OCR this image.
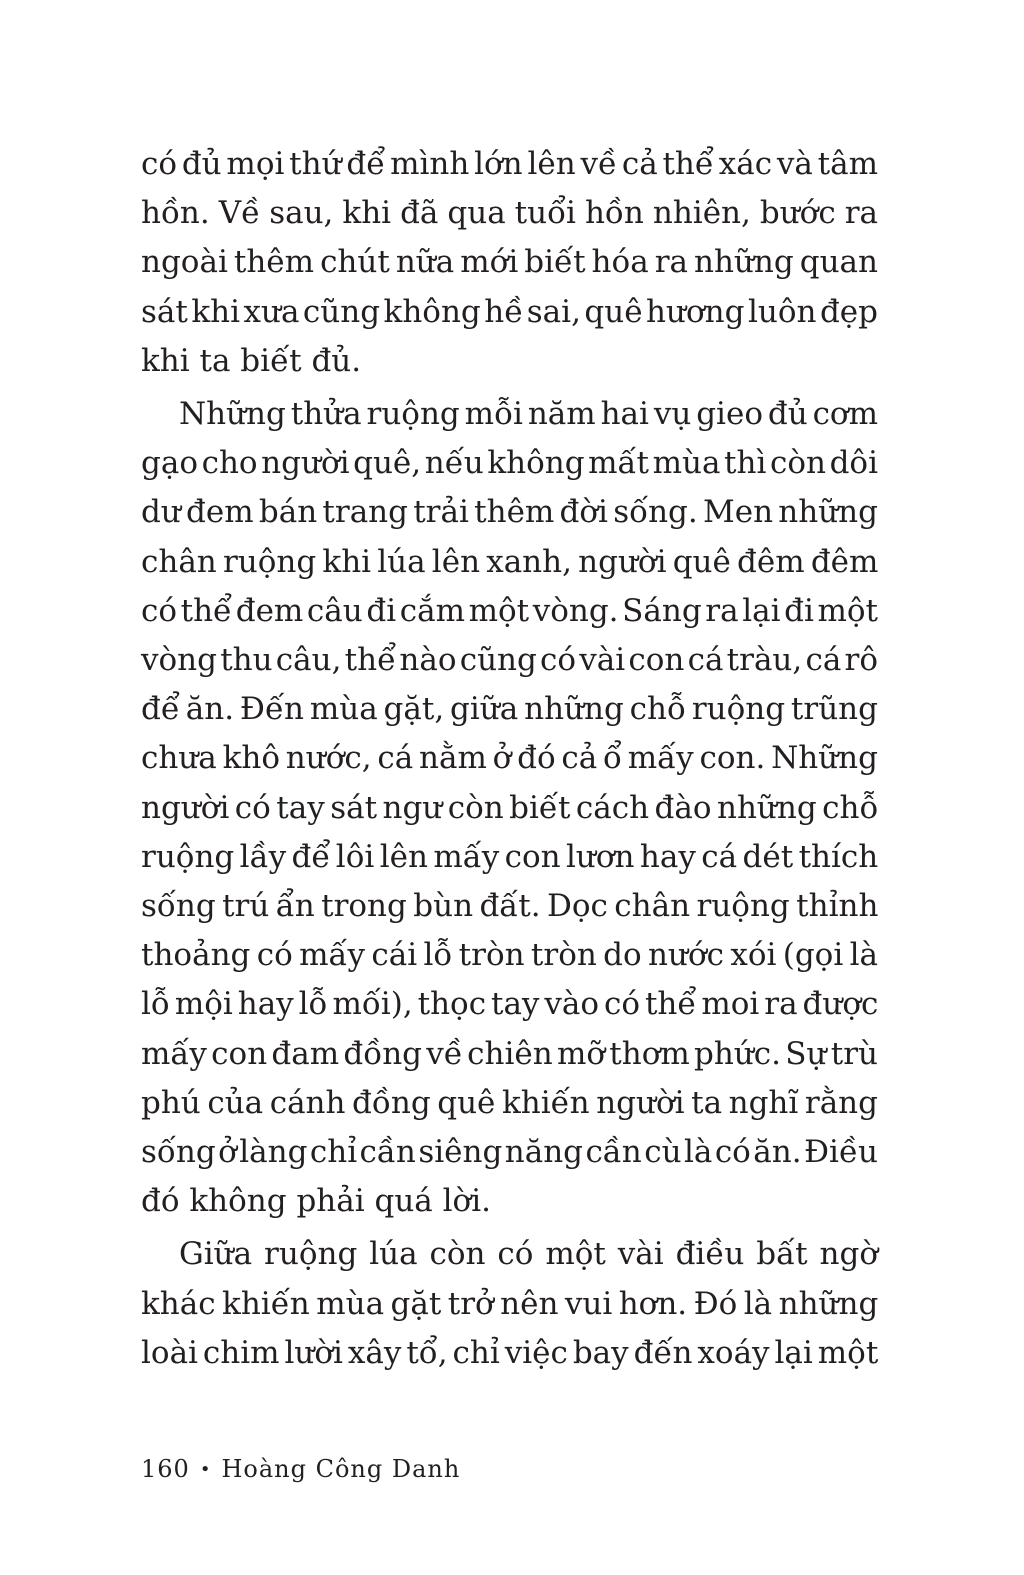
có đủ mọi thứ để mình lớn lên về cả thể xác và tâm
hồn. Về sau, khi đã qua tuổi hồn nhiên, bước ra
ngoài thêm chút nữa mới biết hóa ra những quan
sát khi xưa cũng không hề sai, quê hương luôn đẹp
khi ta biết đủ.

Những thửa ruộng mỗi năm hai vụ gieo đủ cơm
gạo cho người quê, nếu không mất mùa thì còn dôi
dư đem bán trang trải thêm đời sống. Men những
chân ruộng khi lúa lên xanh, người quê đêm đêm
có thể đem câu đi cắm một vòng. Sáng ra lại đi một
vòng thu câu, thể nào cũng có vài con cá tràu, cá rô
để ăn. Đến mùa gặt, giữa những chỗ ruộng trũng
chưa khô nước, cá nằm ở đó cả ổ mấy con. Những
người có tay sát ngư còn biết cách đào những chỗ
ruộng lầy để lôi lên mấy con lươn hay cá dét thích
sống trú ẩn trong bùn đất. Dọc chân ruộng thỉnh
thoảng có mấy cái lỗ tròn tròn do nước xói (gọi là
lỗ mội hay lỗ mối), thọc tay vào có thể moi ra được
mấy con đam đồng về chiên mỡ thơm phức. Sự trù
phú của cánh đồng quê khiến người ta nghĩ rằng
sống ở làng chỉ cần siêng năng cần cù là có ăn. Điều
đó không phải quá lời.

Giữa ruộng lúa còn có một vài điều bất ngờ
khác khiến mùa gặt trở nên vui hơn. Đó là những
loài chim lười xây tổ, chỉ việc bay đến xoáy lại một

160 • Hoàng Công Danh
